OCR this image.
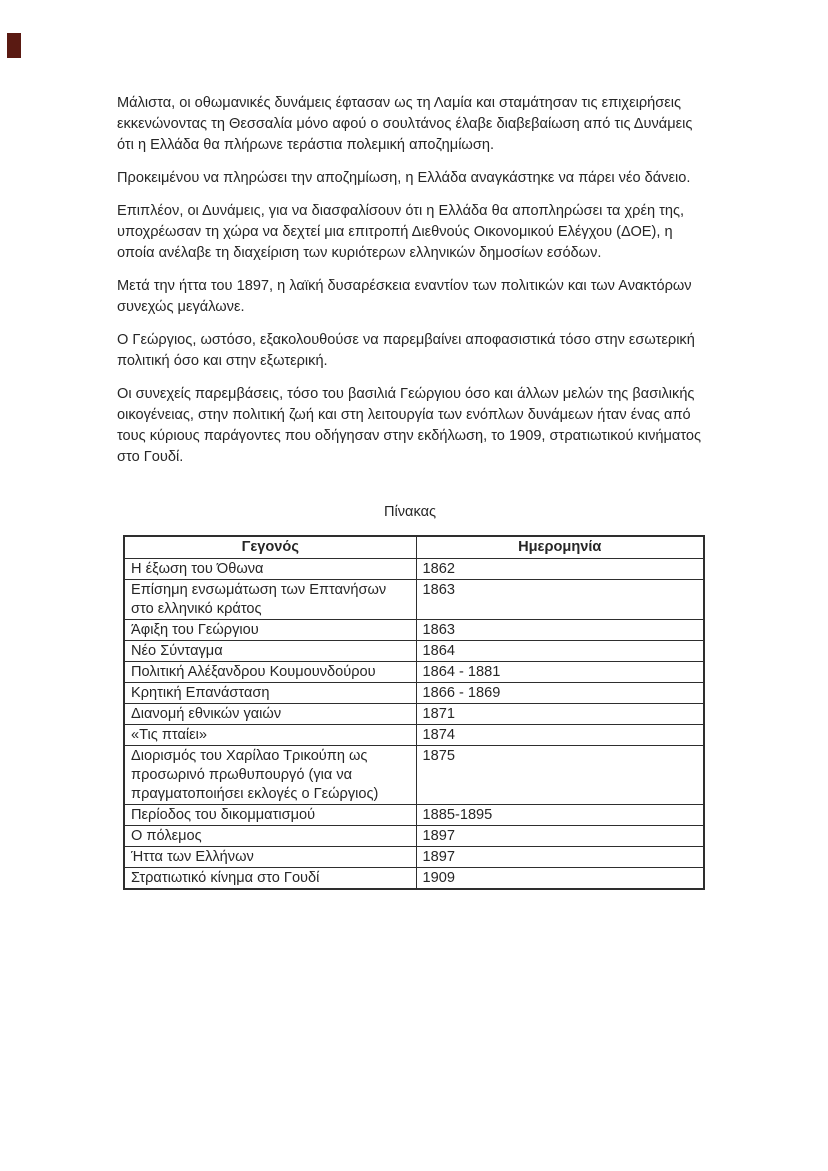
Μάλιστα, οι οθωμανικές δυνάμεις έφτασαν ως τη Λαμία και σταμάτησαν τις επιχειρήσεις εκκενώνοντας τη Θεσσαλία μόνο αφού ο σουλτάνος έλαβε διαβεβαίωση από τις Δυνάμεις ότι η Ελλάδα θα πλήρωνε τεράστια πολεμική αποζημίωση.

Προκειμένου να πληρώσει την αποζημίωση, η Ελλάδα αναγκάστηκε να πάρει νέο δάνειο.

Επιπλέον, οι Δυνάμεις, για να διασφαλίσουν ότι η Ελλάδα θα αποπληρώσει τα χρέη της, υποχρέωσαν τη χώρα να δεχτεί μια επιτροπή Διεθνούς Οικονομικού Ελέγχου (ΔΟΕ), η οποία ανέλαβε τη διαχείριση των κυριότερων ελληνικών δημοσίων εσόδων.

Μετά την ήττα του 1897, η λαϊκή δυσαρέσκεια εναντίον των πολιτικών και των Ανακτόρων συνεχώς μεγάλωνε.

Ο Γεώργιος, ωστόσο, εξακολουθούσε να παρεμβαίνει αποφασιστικά τόσο στην εσωτερική πολιτική όσο και στην εξωτερική.

Οι συνεχείς παρεμβάσεις, τόσο του βασιλιά Γεώργιου όσο και άλλων μελών της βασιλικής οικογένειας, στην πολιτική ζωή και στη λειτουργία των ενόπλων δυνάμεων ήταν ένας από τους κύριους παράγοντες που οδήγησαν στην εκδήλωση, το 1909, στρατιωτικού κινήματος στο Γουδί.

Πίνακας
Γεγονός	Ημερομηνία
Η έξωση του Όθωνα	1862
Επίσημη ενσωμάτωση των Επτανήσων στο ελληνικό κράτος	1863
Άφιξη του Γεώργιου	1863
Νέο Σύνταγμα	1864
Πολιτική Αλέξανδρου Κουμουνδούρου	1864 - 1881
Κρητική Επανάσταση	1866 - 1869
Διανομή εθνικών γαιών	1871
«Τις πταίει»	1874
Διορισμός του Χαρίλαο Τρικούπη ως προσωρινό πρωθυπουργό (για να πραγματοποιήσει εκλογές ο Γεώργιος)	1875
Περίοδος του δικομματισμού	1885-1895
Ο πόλεμος	1897
Ήττα των Ελλήνων	1897
Στρατιωτικό κίνημα στο Γουδί	1909
